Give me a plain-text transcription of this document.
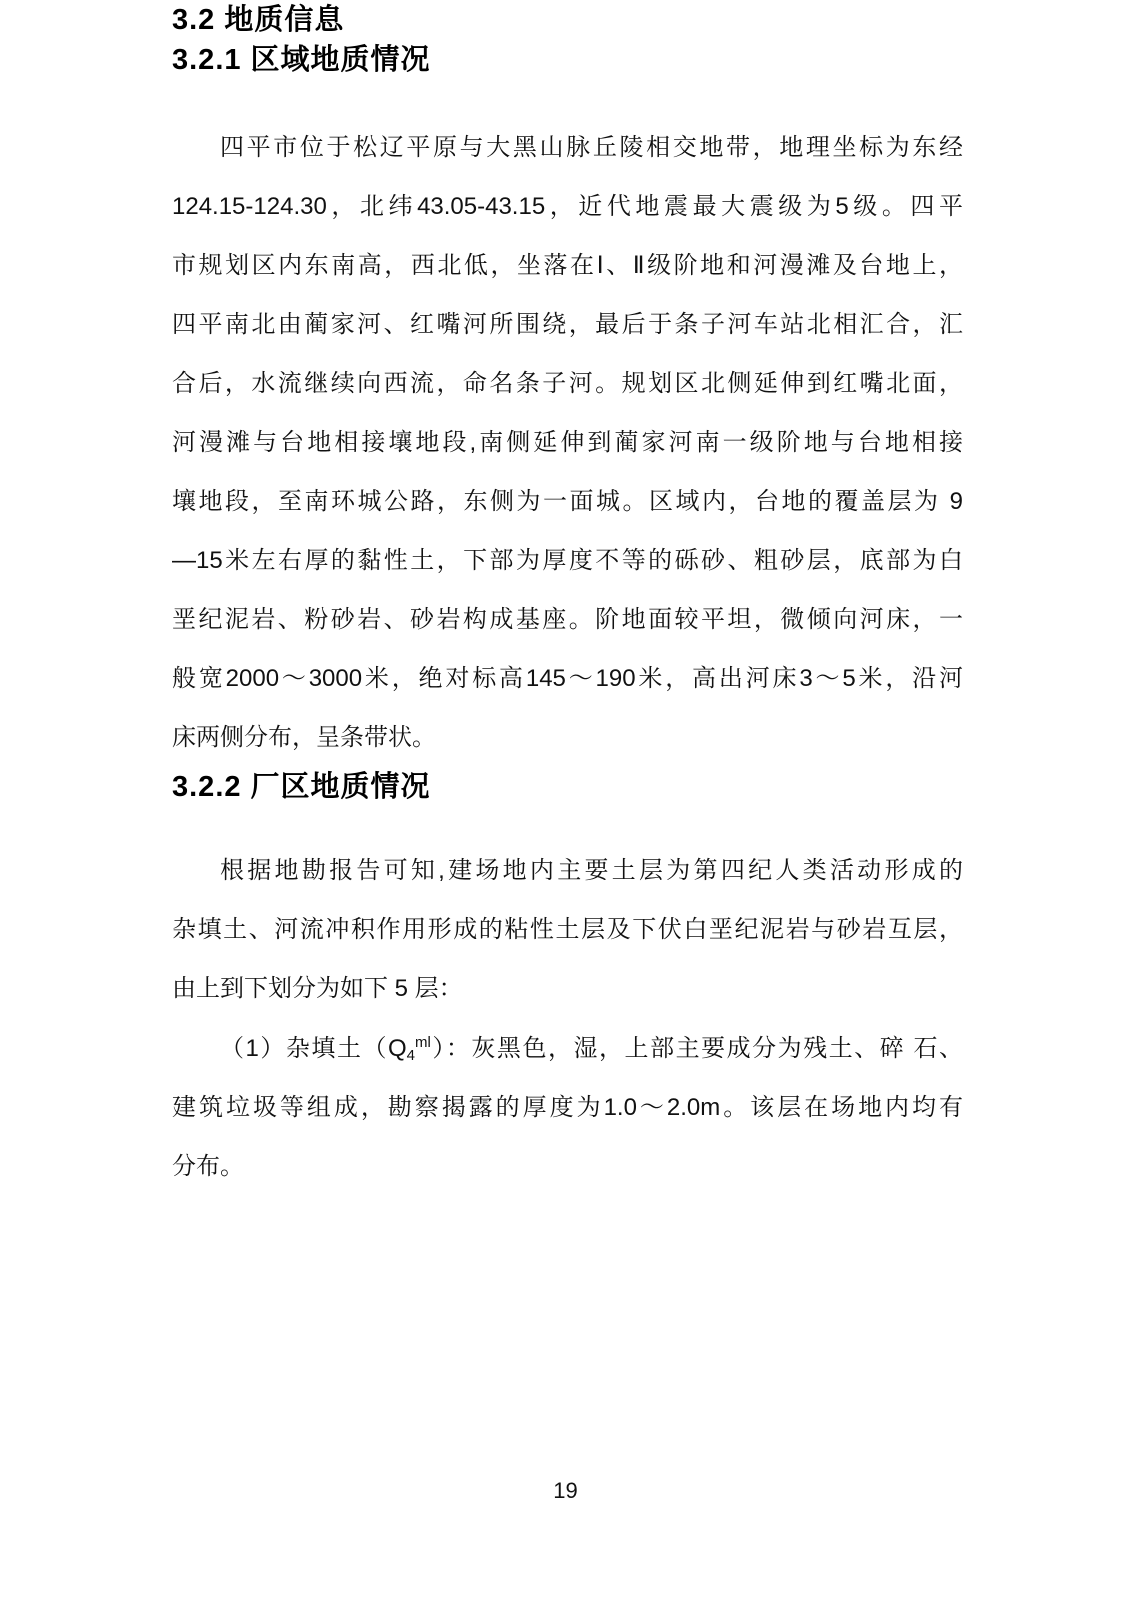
3.2 地质信息
3.2.1 区域地质情况
四平市位于松辽平原与大黑山脉丘陵相交地带，地理坐标为东经
124.15-124.30，北纬43.05-43.15，近代地震最大震级为5级。四平
市规划区内东南高，西北低，坐落在Ⅰ、Ⅱ级阶地和河漫滩及台地上，
四平南北由蔺家河、红嘴河所围绕，最后于条子河车站北相汇合，汇
合后，水流继续向西流，命名条子河。规划区北侧延伸到红嘴北面，
河漫滩与台地相接壤地段,南侧延伸到蔺家河南一级阶地与台地相接
壤地段，至南环城公路，东侧为一面城。区域内，台地的覆盖层为 9
—15米左右厚的黏性土，下部为厚度不等的砾砂、粗砂层，底部为白
垩纪泥岩、粉砂岩、砂岩构成基座。阶地面较平坦，微倾向河床，一
般宽2000～3000米，绝对标高145～190米，高出河床3～5米，沿河
床两侧分布，呈条带状。
3.2.2 厂区地质情况
根据地勘报告可知,建场地内主要土层为第四纪人类活动形成的
杂填土、河流冲积作用形成的粘性土层及下伏白垩纪泥岩与砂岩互层，
由上到下划分为如下 5 层：
（1）杂填土$(Q_4^{ml})$：灰黑色，湿，上部主要成分为残土、碎 石、
建筑垃圾等组成，勘察揭露的厚度为1.0～2.0m。该层在场地内均有
分布。
19
